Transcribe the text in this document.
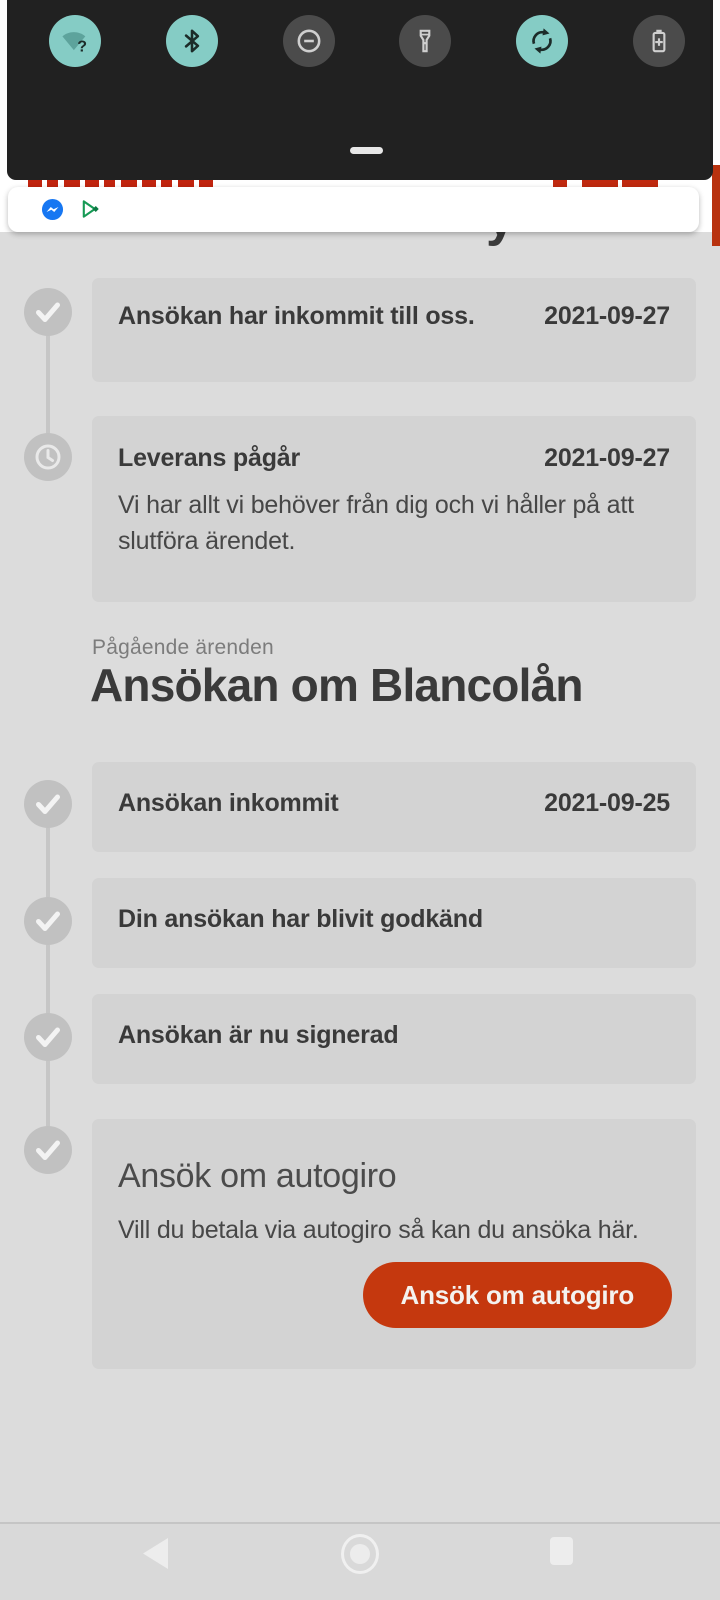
Ansökan har inkommit till oss.	2021-09-27
Leverans pågår	2021-09-27
Vi har allt vi behöver från dig och vi håller på att slutföra ärendet.
Pågående ärenden
Ansökan om Blancolån
Ansökan inkommit	2021-09-25
Din ansökan har blivit godkänd
Ansökan är nu signerad
Ansök om autogiro
Vill du betala via autogiro så kan du ansöka här.
Ansök om autogiro
?
